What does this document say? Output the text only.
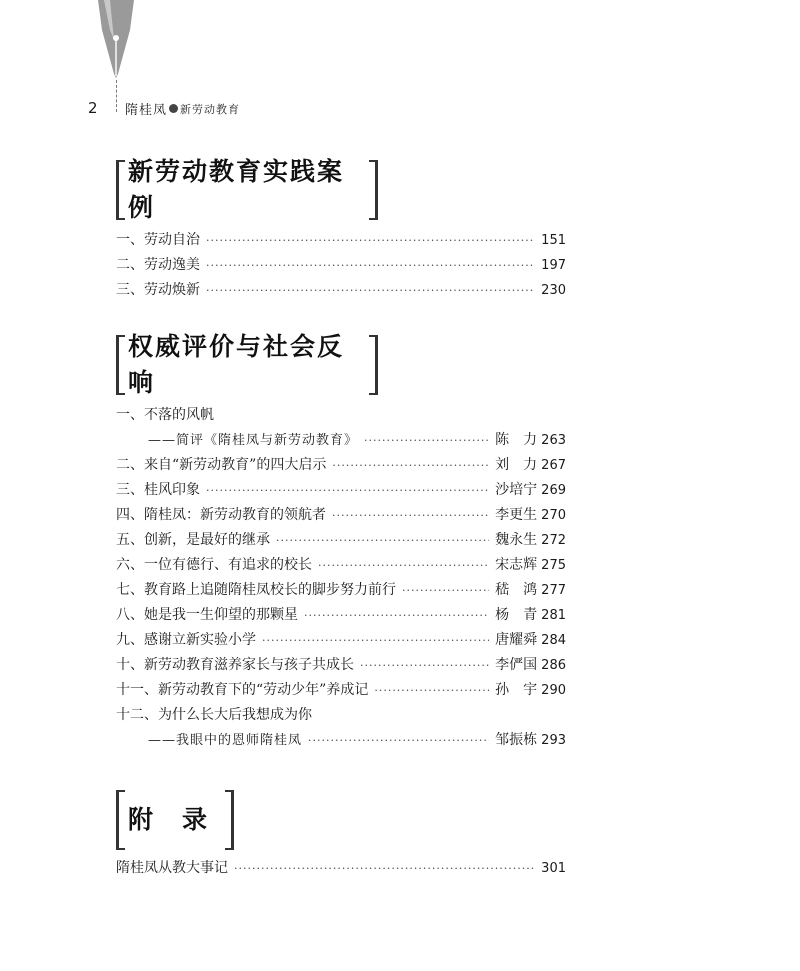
2 隋桂凤 新劳动教育
新劳动教育实践案例
一、劳动自治 ·····	151
二、劳动逸美 ·····	197
三、劳动焕新 ·····	230
权威评价与社会反响
一、不落的风帆
——简评《隋桂凤与新劳动教育》 ·····	陈　力 263
二、来自“新劳动教育”的四大启示 ·····	刘　力 267
三、桂风印象 ·····	沙培宁 269
四、隋桂凤：新劳动教育的领航者 ·····	李更生 270
五、创新，是最好的继承 ·····	魏永生 272
六、一位有德行、有追求的校长 ·····	宋志辉 275
七、教育路上追随隋桂凤校长的脚步努力前行 ·····	嵇　鸿 277
八、她是我一生仰望的那颗星 ·····	杨　青 281
九、感谢立新实验小学 ·····	唐耀舜 284
十、新劳动教育滋养家长与孩子共成长 ·····	李俨国 286
十一、新劳动教育下的“劳动少年”养成记 ·····	孙　宇 290
十二、为什么长大后我想成为你
——我眼中的恩师隋桂凤 ·····	邹振栋 293
附　录
隋桂凤从教大事记 ·····	301
